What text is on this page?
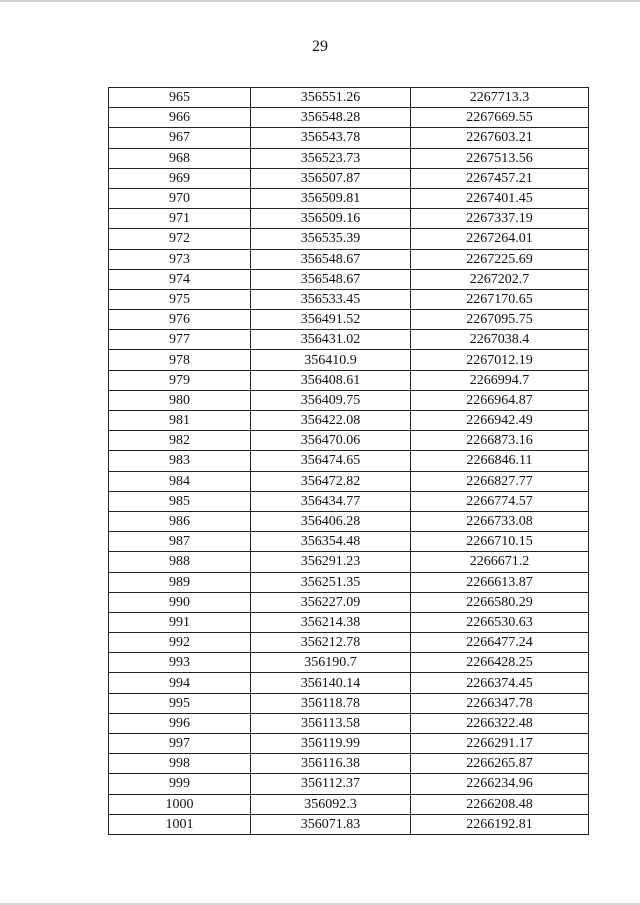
29
965	356551.26	2267713.3
966	356548.28	2267669.55
967	356543.78	2267603.21
968	356523.73	2267513.56
969	356507.87	2267457.21
970	356509.81	2267401.45
971	356509.16	2267337.19
972	356535.39	2267264.01
973	356548.67	2267225.69
974	356548.67	2267202.7
975	356533.45	2267170.65
976	356491.52	2267095.75
977	356431.02	2267038.4
978	356410.9	2267012.19
979	356408.61	2266994.7
980	356409.75	2266964.87
981	356422.08	2266942.49
982	356470.06	2266873.16
983	356474.65	2266846.11
984	356472.82	2266827.77
985	356434.77	2266774.57
986	356406.28	2266733.08
987	356354.48	2266710.15
988	356291.23	2266671.2
989	356251.35	2266613.87
990	356227.09	2266580.29
991	356214.38	2266530.63
992	356212.78	2266477.24
993	356190.7	2266428.25
994	356140.14	2266374.45
995	356118.78	2266347.78
996	356113.58	2266322.48
997	356119.99	2266291.17
998	356116.38	2266265.87
999	356112.37	2266234.96
1000	356092.3	2266208.48
1001	356071.83	2266192.81
